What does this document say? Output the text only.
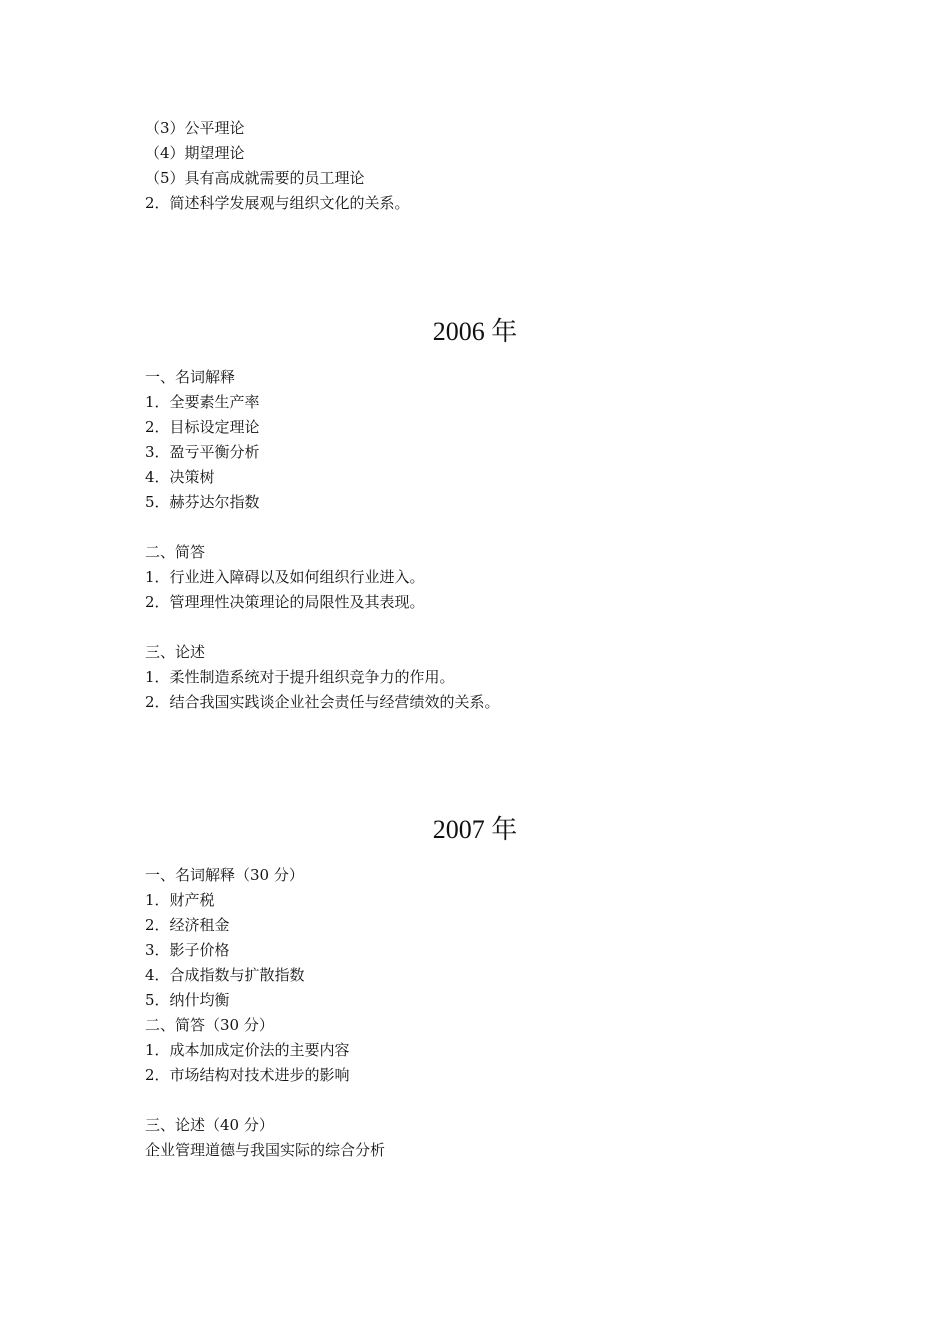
（3）公平理论
（4）期望理论
（5）具有高成就需要的员工理论
2．简述科学发展观与组织文化的关系。
2006 年
一、名词解释
1．全要素生产率
2．目标设定理论
3．盈亏平衡分析
4．决策树
5．赫芬达尔指数
二、简答
1．行业进入障碍以及如何组织行业进入。
2．管理理性决策理论的局限性及其表现。
三、论述
1．柔性制造系统对于提升组织竞争力的作用。
2．结合我国实践谈企业社会责任与经营绩效的关系。
2007 年
一、名词解释（30 分）
1．财产税
2．经济租金
3．影子价格
4．合成指数与扩散指数
5．纳什均衡
二、简答（30 分）
1．成本加成定价法的主要内容
2．市场结构对技术进步的影响
三、论述（40 分）
企业管理道德与我国实际的综合分析
